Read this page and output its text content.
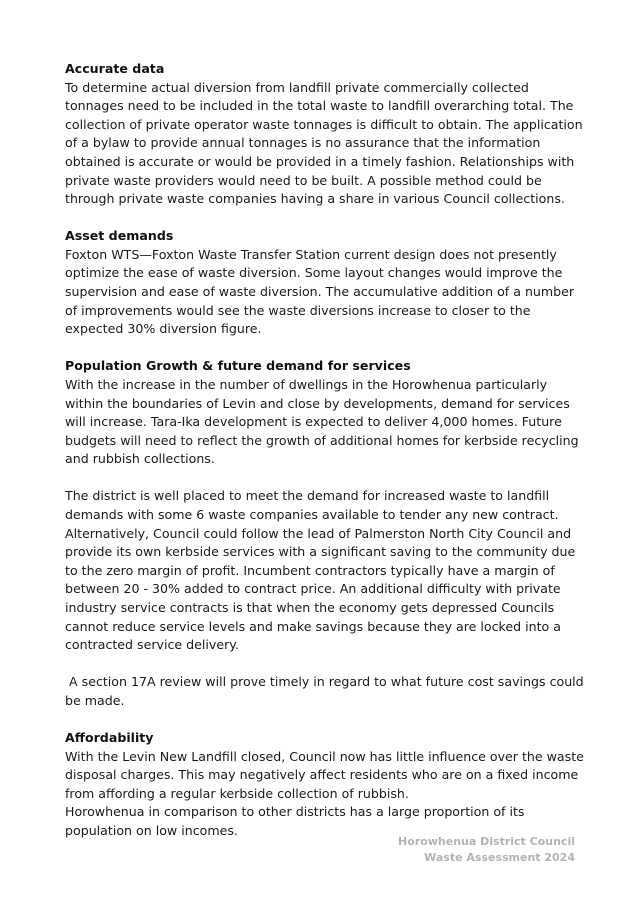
Accurate data

To determine actual diversion from landfill private commercially collected tonnages need to be included in the total waste to landfill overarching total. The collection of private operator waste tonnages is difficult to obtain. The application of a bylaw to provide annual tonnages is no assurance that the information obtained is accurate or would be provided in a timely fashion. Relationships with private waste providers would need to be built. A possible method could be through private waste companies having a share in various Council collections.

Asset demands

Foxton WTS—Foxton Waste Transfer Station current design does not presently optimize the ease of waste diversion. Some layout changes would improve the supervision and ease of waste diversion. The accumulative addition of a number of improvements would see the waste diversions increase to closer to the expected 30% diversion figure.

Population Growth & future demand for services

With the increase in the number of dwellings in the Horowhenua particularly within the boundaries of Levin and close by developments, demand for services will increase. Tara-Ika development is expected to deliver 4,000 homes. Future budgets will need to reflect the growth of additional homes for kerbside recycling and rubbish collections.

The district is well placed to meet the demand for increased waste to landfill demands with some 6 waste companies available to tender any new contract. Alternatively, Council could follow the lead of Palmerston North City Council and provide its own kerbside services with a significant saving to the community due to the zero margin of profit. Incumbent contractors typically have a margin of between 20 - 30% added to contract price. An additional difficulty with private industry service contracts is that when the economy gets depressed Councils cannot reduce service levels and make savings because they are locked into a contracted service delivery.

A section 17A review will prove timely in regard to what future cost savings could be made.

Affordability

With the Levin New Landfill closed, Council now has little influence over the waste disposal charges. This may negatively affect residents who are on a fixed income from affording a regular kerbside collection of rubbish.

Horowhenua in comparison to other districts has a large proportion of its population on low incomes.

Horowhenua District Council
Waste Assessment 2024
